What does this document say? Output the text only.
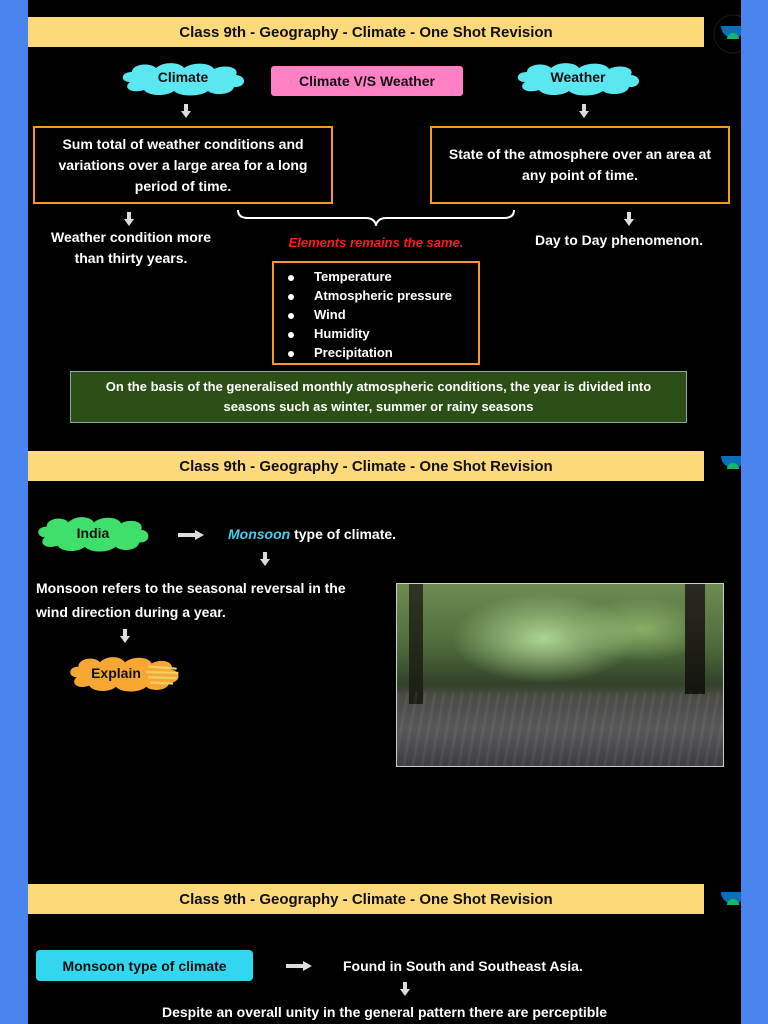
Class 9th - Geography - Climate - One Shot Revision
Climate	Climate V/S Weather	Weather
Sum total of weather conditions and variations over a large area for a long period of time.
State of the atmosphere over an area at any point of time.
Weather condition more than thirty years.
Elements remains the same.	Day to Day phenomenon.
Temperature
Atmospheric pressure
Wind
Humidity
Precipitation
On the basis of the generalised monthly atmospheric conditions, the year is divided into seasons such as winter, summer or rainy seasons
Class 9th - Geography - Climate - One Shot Revision
India	Monsoon type of climate.
Monsoon refers to the seasonal reversal in the wind direction during a year.
Explain
Class 9th - Geography - Climate - One Shot Revision
Monsoon type of climate	Found in South and Southeast Asia.
Despite an overall unity in the general pattern there are perceptible
